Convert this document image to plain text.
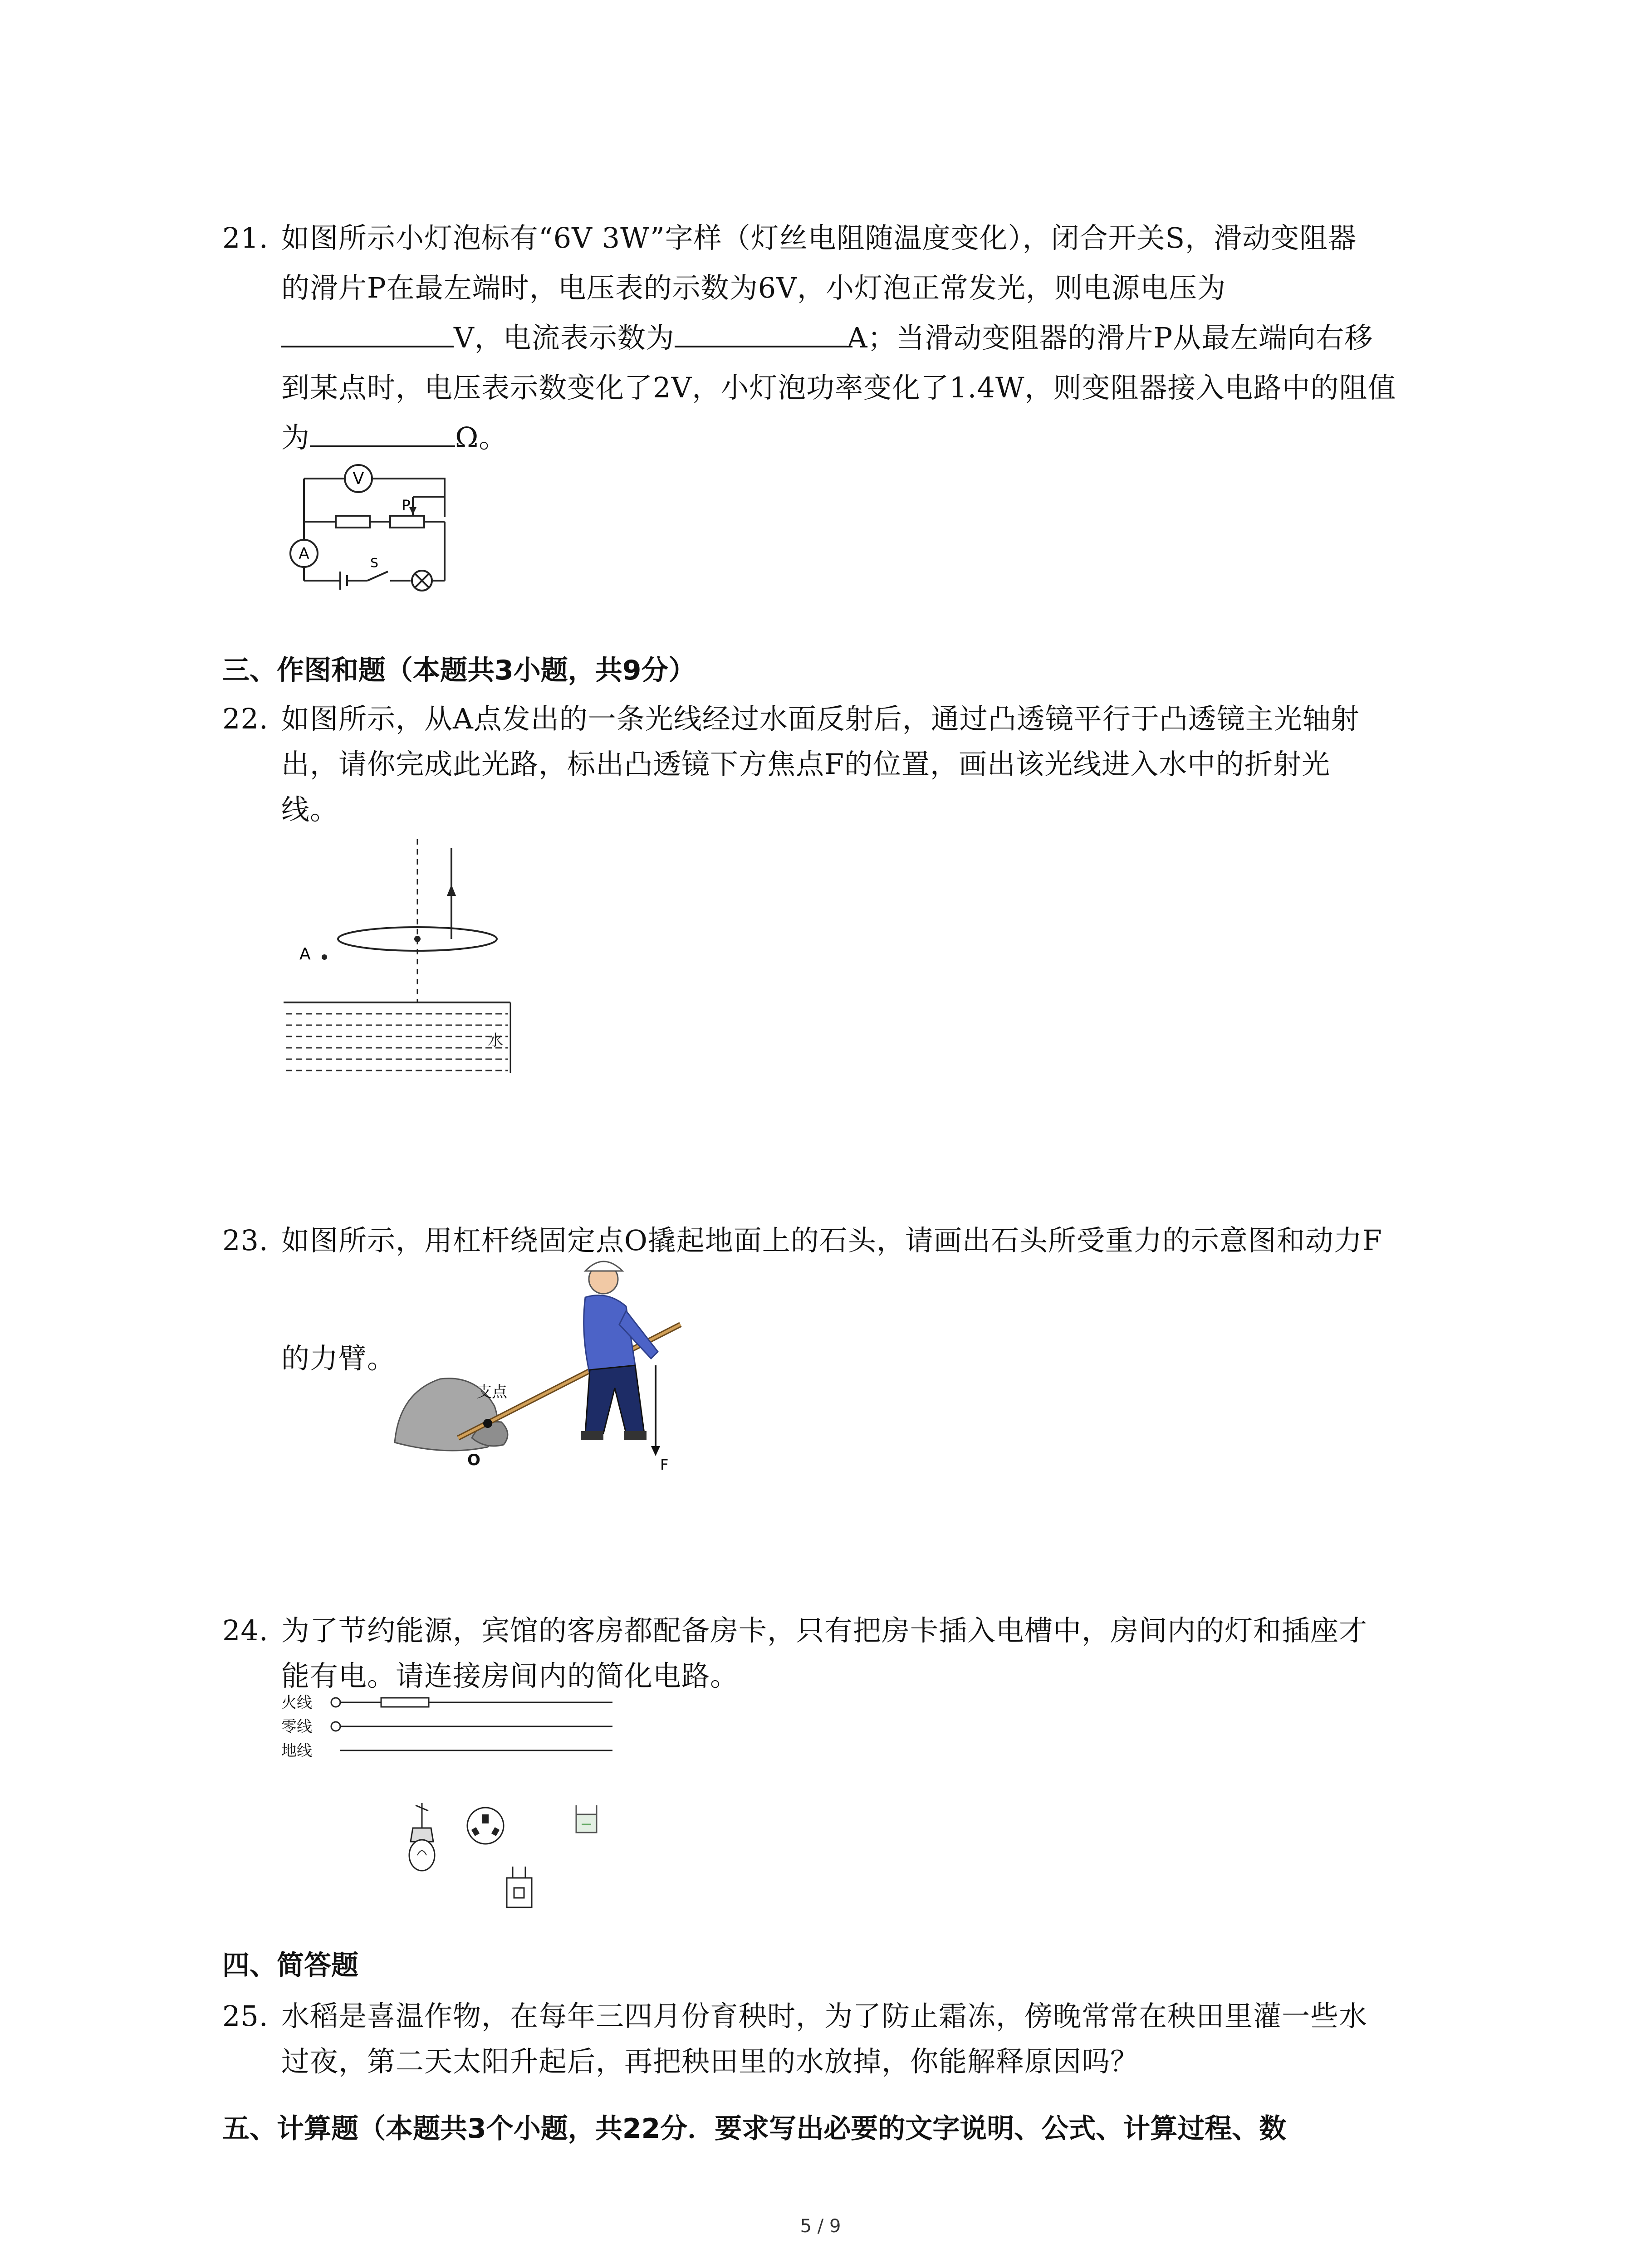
21. 如图所示小灯泡标有“6V 3W”字样（灯丝电阻随温度变化），闭合开关S，滑动变阻器
的滑片P在最左端时，电压表的示数为6V，小灯泡正常发光，则电源电压为
V，电流表示数为	A；当滑动变阻器的滑片P从最左端向右移
到某点时，电压表示数变化了2V，小灯泡功率变化了1.4W，则变阻器接入电路中的阻值
为	Ω。
V
P
A	S
三、作图和题（本题共3小题，共9分）
22. 如图所示，从A点发出的一条光线经过水面反射后，通过凸透镜平行于凸透镜主光轴射
出，请你完成此光路，标出凸透镜下方焦点F的位置，画出该光线进入水中的折射光
线。
A
水
23. 如图所示，用杠杆绕固定点O撬起地面上的石头，请画出石头所受重力的示意图和动力F
的力臂。
支点
O	F
24. 为了节约能源，宾馆的客房都配备房卡，只有把房卡插入电槽中，房间内的灯和插座才
能有电。请连接房间内的简化电路。
火线
零线
地线
四、简答题
25. 水稻是喜温作物，在每年三四月份育秧时，为了防止霜冻，傍晚常常在秧田里灌一些水
过夜，第二天太阳升起后，再把秧田里的水放掉，你能解释原因吗？
五、计算题（本题共3个小题，共22分．要求写出必要的文字说明、公式、计算过程、数
5 / 9
